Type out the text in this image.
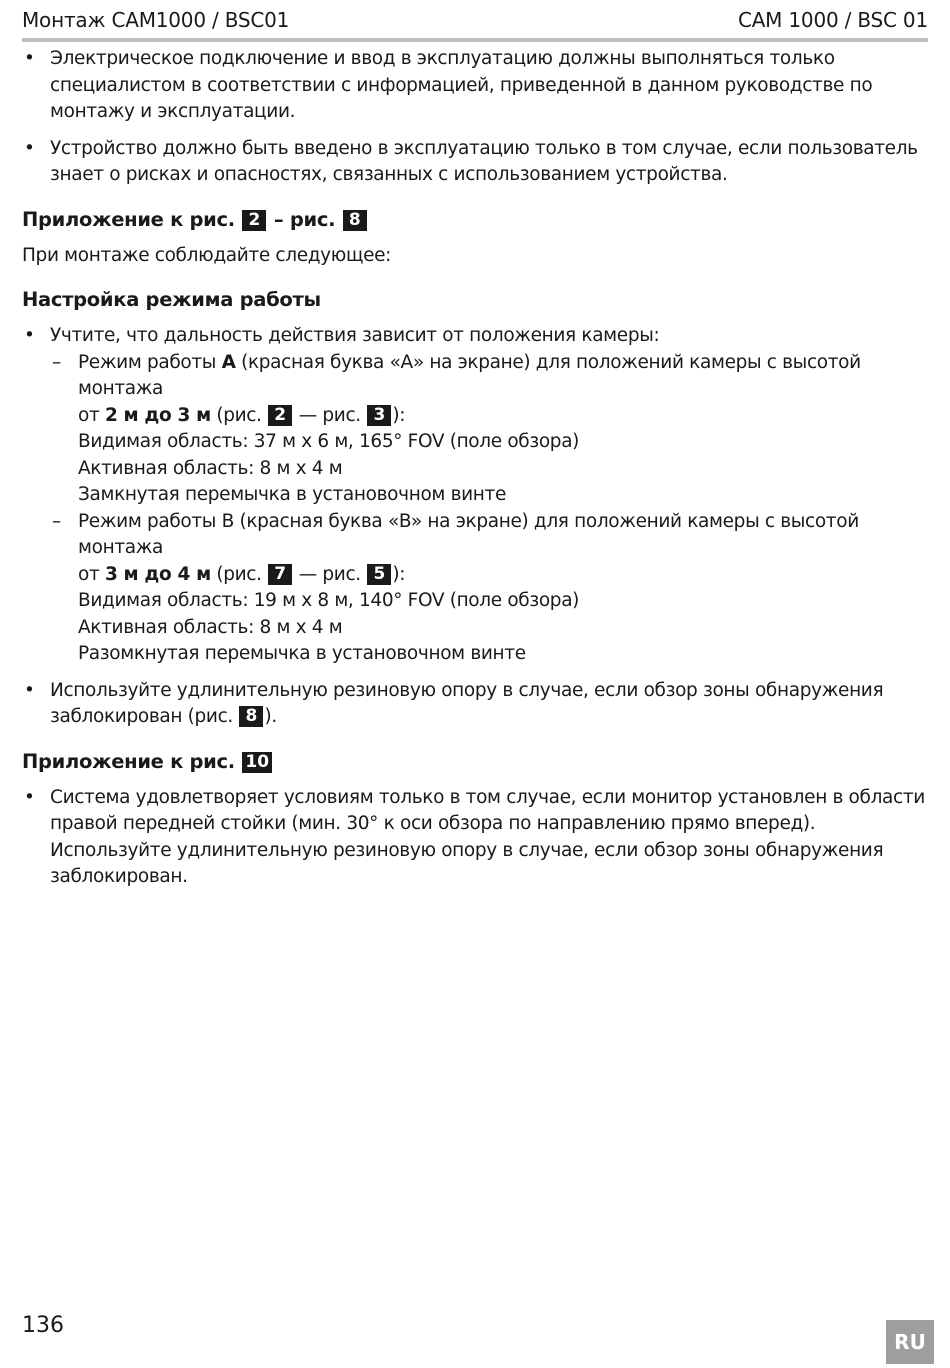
Монтаж CAM1000 / BSC01	CAM 1000 / BSC 01
• Электрическое подключение и ввод в эксплуатацию должны выполняться только специалистом в соответствии с информацией, приведенной в данном руководстве по монтажу и эксплуатации.
• Устройство должно быть введено в эксплуатацию только в том случае, если пользователь знает о рисках и опасностях, связанных с использованием устройства.
Приложение к рис. 2 – рис. 8

При монтаже соблюдайте следующее:

Настройка режима работы
• Учтите, что дальность действия зависит от положения камеры:
– Режим работы A (красная буква «A» на экране) для положений камеры с высотой монтажа
от 2 м до 3 м (рис. 2 — рис. 3 ):
Видимая область: 37 м x 6 м, 165° FOV (поле обзора)
Активная область: 8 м x 4 м
Замкнутая перемычка в установочном винте
– Режим работы B (красная буква «B» на экране) для положений камеры с высотой монтажа
от 3 м до 4 м (рис. 7 — рис. 5 ):
Видимая область: 19 м x 8 м, 140° FOV (поле обзора)
Активная область: 8 м x 4 м
Разомкнутая перемычка в установочном винте
• Используйте удлинительную резиновую опору в случае, если обзор зоны обнаружения заблокирован (рис. 8 ).
Приложение к рис. 10
• Система удовлетворяет условиям только в том случае, если монитор установлен в области правой передней стойки (мин. 30° к оси обзора по направлению прямо вперед). Используйте удлинительную резиновую опору в случае, если обзор зоны обнаружения заблокирован.
136
RU
